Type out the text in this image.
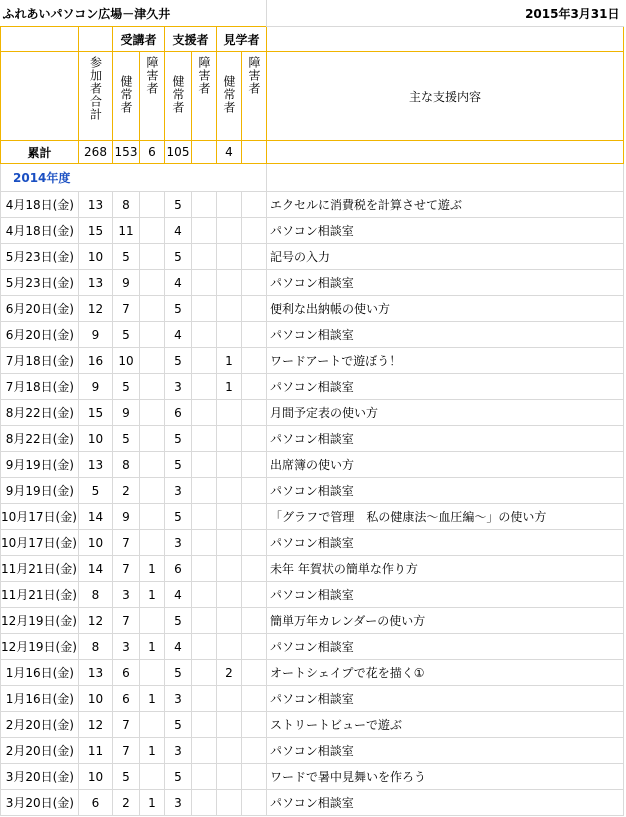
ふれあいパソコン広場－津久井								2015年3月31日
		受講者		支援者		見学者		
	参加者合計	健常者	障害者	健常者	障害者	健常者	障害者	主な支援内容
累計	268	153	6	105		4		
2014年度								
4月18日(金)	13	8		5				エクセルに消費税を計算させて遊ぶ
4月18日(金)	15	11		4				パソコン相談室
5月23日(金)	10	5		5				記号の入力
5月23日(金)	13	9		4				パソコン相談室
6月20日(金)	12	7		5				便利な出納帳の使い方
6月20日(金)	9	5		4				パソコン相談室
7月18日(金)	16	10		5		1		ワードアートで遊ぼう！
7月18日(金)	9	5		3		1		パソコン相談室
8月22日(金)	15	9		6				月間予定表の使い方
8月22日(金)	10	5		5				パソコン相談室
9月19日(金)	13	8		5				出席簿の使い方
9月19日(金)	5	2		3				パソコン相談室
10月17日(金)	14	9		5				「グラフで管理　私の健康法～血圧編～」の使い方
10月17日(金)	10	7		3				パソコン相談室
11月21日(金)	14	7	1	6				未年 年賀状の簡単な作り方
11月21日(金)	8	3	1	4				パソコン相談室
12月19日(金)	12	7		5				簡単万年カレンダーの使い方
12月19日(金)	8	3	1	4				パソコン相談室
1月16日(金)	13	6		5		2		オートシェイプで花を描く①
1月16日(金)	10	6	1	3				パソコン相談室
2月20日(金)	12	7		5				ストリートビューで遊ぶ
2月20日(金)	11	7	1	3				パソコン相談室
3月20日(金)	10	5		5				ワードで暑中見舞いを作ろう
3月20日(金)	6	2	1	3				パソコン相談室
